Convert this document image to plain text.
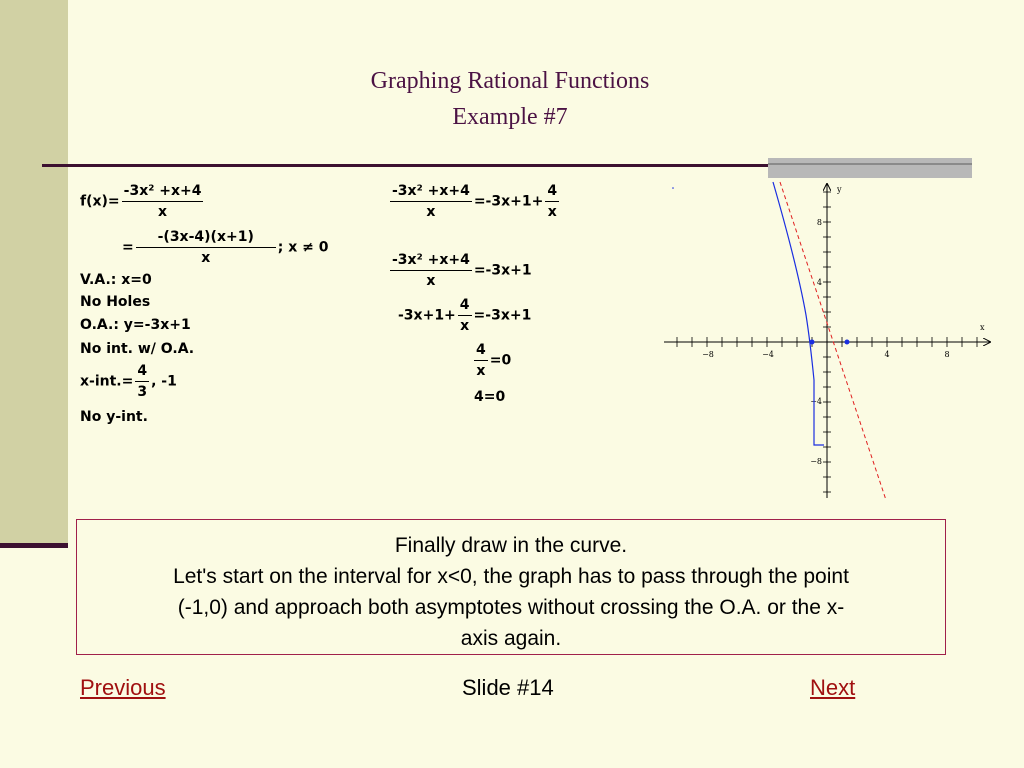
Graphing Rational Functions
Example #7
$f(x)= \frac{\text{-3x² +x+4}}{x}$
= $\frac{-(3x-4)(x+1)}{x}$ ; x ≠ 0
V.A.: x=0
No Holes
O.A.: y=-3x+1
No int. w/ O.A.
$x-int.= \frac{4}{3}$ , -1
No y-int.
$\frac{\text{-3x² +x+4}}{x} =-3x+1+ \frac{4}{x}$
$\frac{\text{-3x² +x+4}}{x} =-3x+1$
$-3x+1+ \frac{4}{x} =-3x+1$
$\frac{4}{x} =0$
4=0
−8	−4	4	8
8
4
−4
−8
x
y
Finally draw in the curve.
Let's start on the interval for x<0, the graph has to pass through the point
(-1,0) and approach both asymptotes without crossing the O.A. or the x-
axis again.
Previous	Slide #14	Next
